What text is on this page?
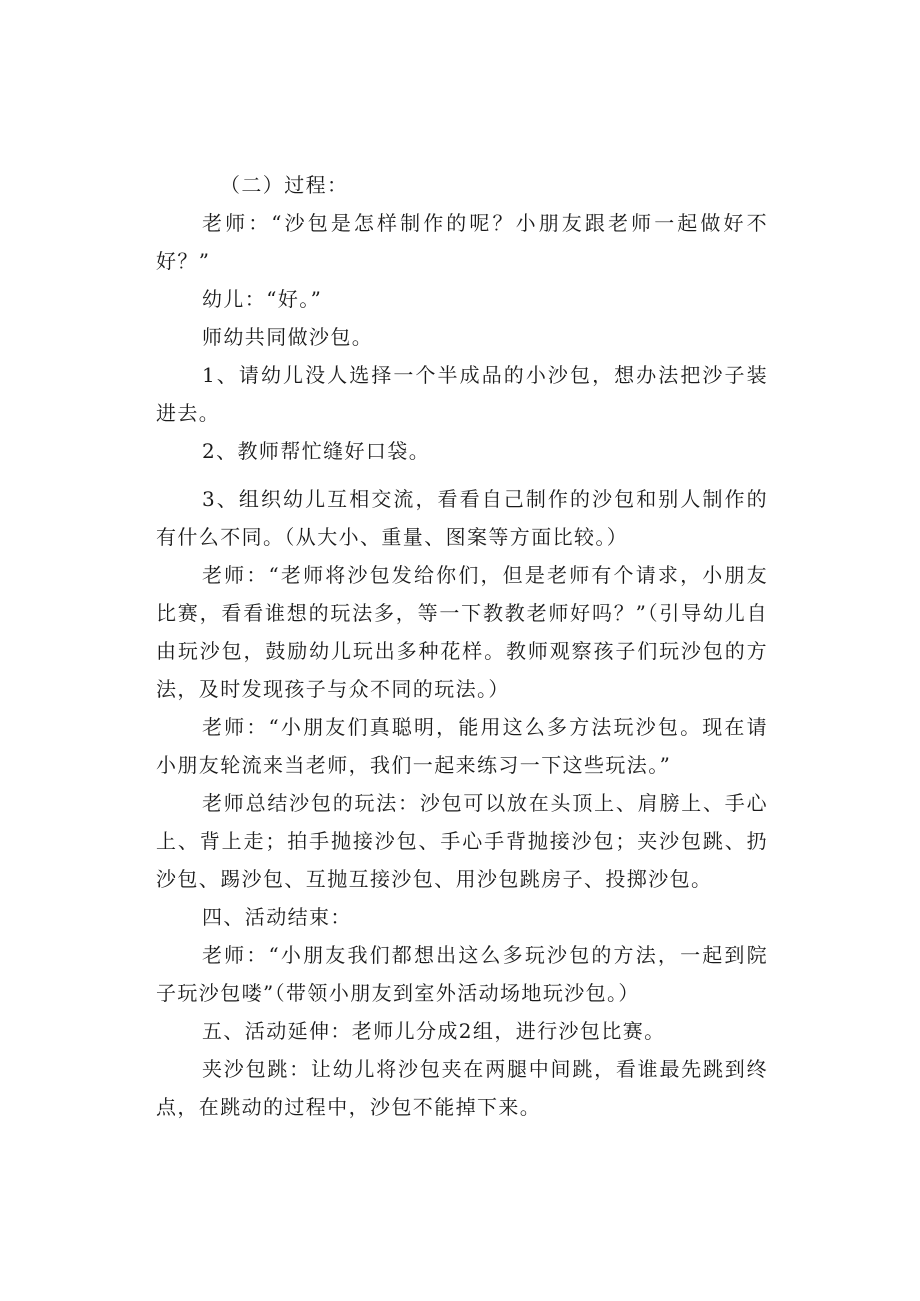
（二）过程：

老师：“沙包是怎样制作的呢？小朋友跟老师一起做好不好？”

幼儿：“好。”

师幼共同做沙包。

1、请幼儿没人选择一个半成品的小沙包，想办法把沙子装进去。

2、教师帮忙缝好口袋。

3、组织幼儿互相交流，看看自己制作的沙包和别人制作的有什么不同。（从大小、重量、图案等方面比较。）

老师：“老师将沙包发给你们，但是老师有个请求，小朋友比赛，看看谁想的玩法多，等一下教教老师好吗？”（引导幼儿自由玩沙包，鼓励幼儿玩出多种花样。教师观察孩子们玩沙包的方法，及时发现孩子与众不同的玩法。）

老师：“小朋友们真聪明，能用这么多方法玩沙包。现在请小朋友轮流来当老师，我们一起来练习一下这些玩法。”

老师总结沙包的玩法：沙包可以放在头顶上、肩膀上、手心上、背上走；拍手抛接沙包、手心手背抛接沙包；夹沙包跳、扔沙包、踢沙包、互抛互接沙包、用沙包跳房子、投掷沙包。

四、活动结束：

老师：“小朋友我们都想出这么多玩沙包的方法，一起到院子玩沙包喽”（带领小朋友到室外活动场地玩沙包。）

五、活动延伸：老师儿分成2组，进行沙包比赛。

夹沙包跳：让幼儿将沙包夹在两腿中间跳，看谁最先跳到终点，在跳动的过程中，沙包不能掉下来。
